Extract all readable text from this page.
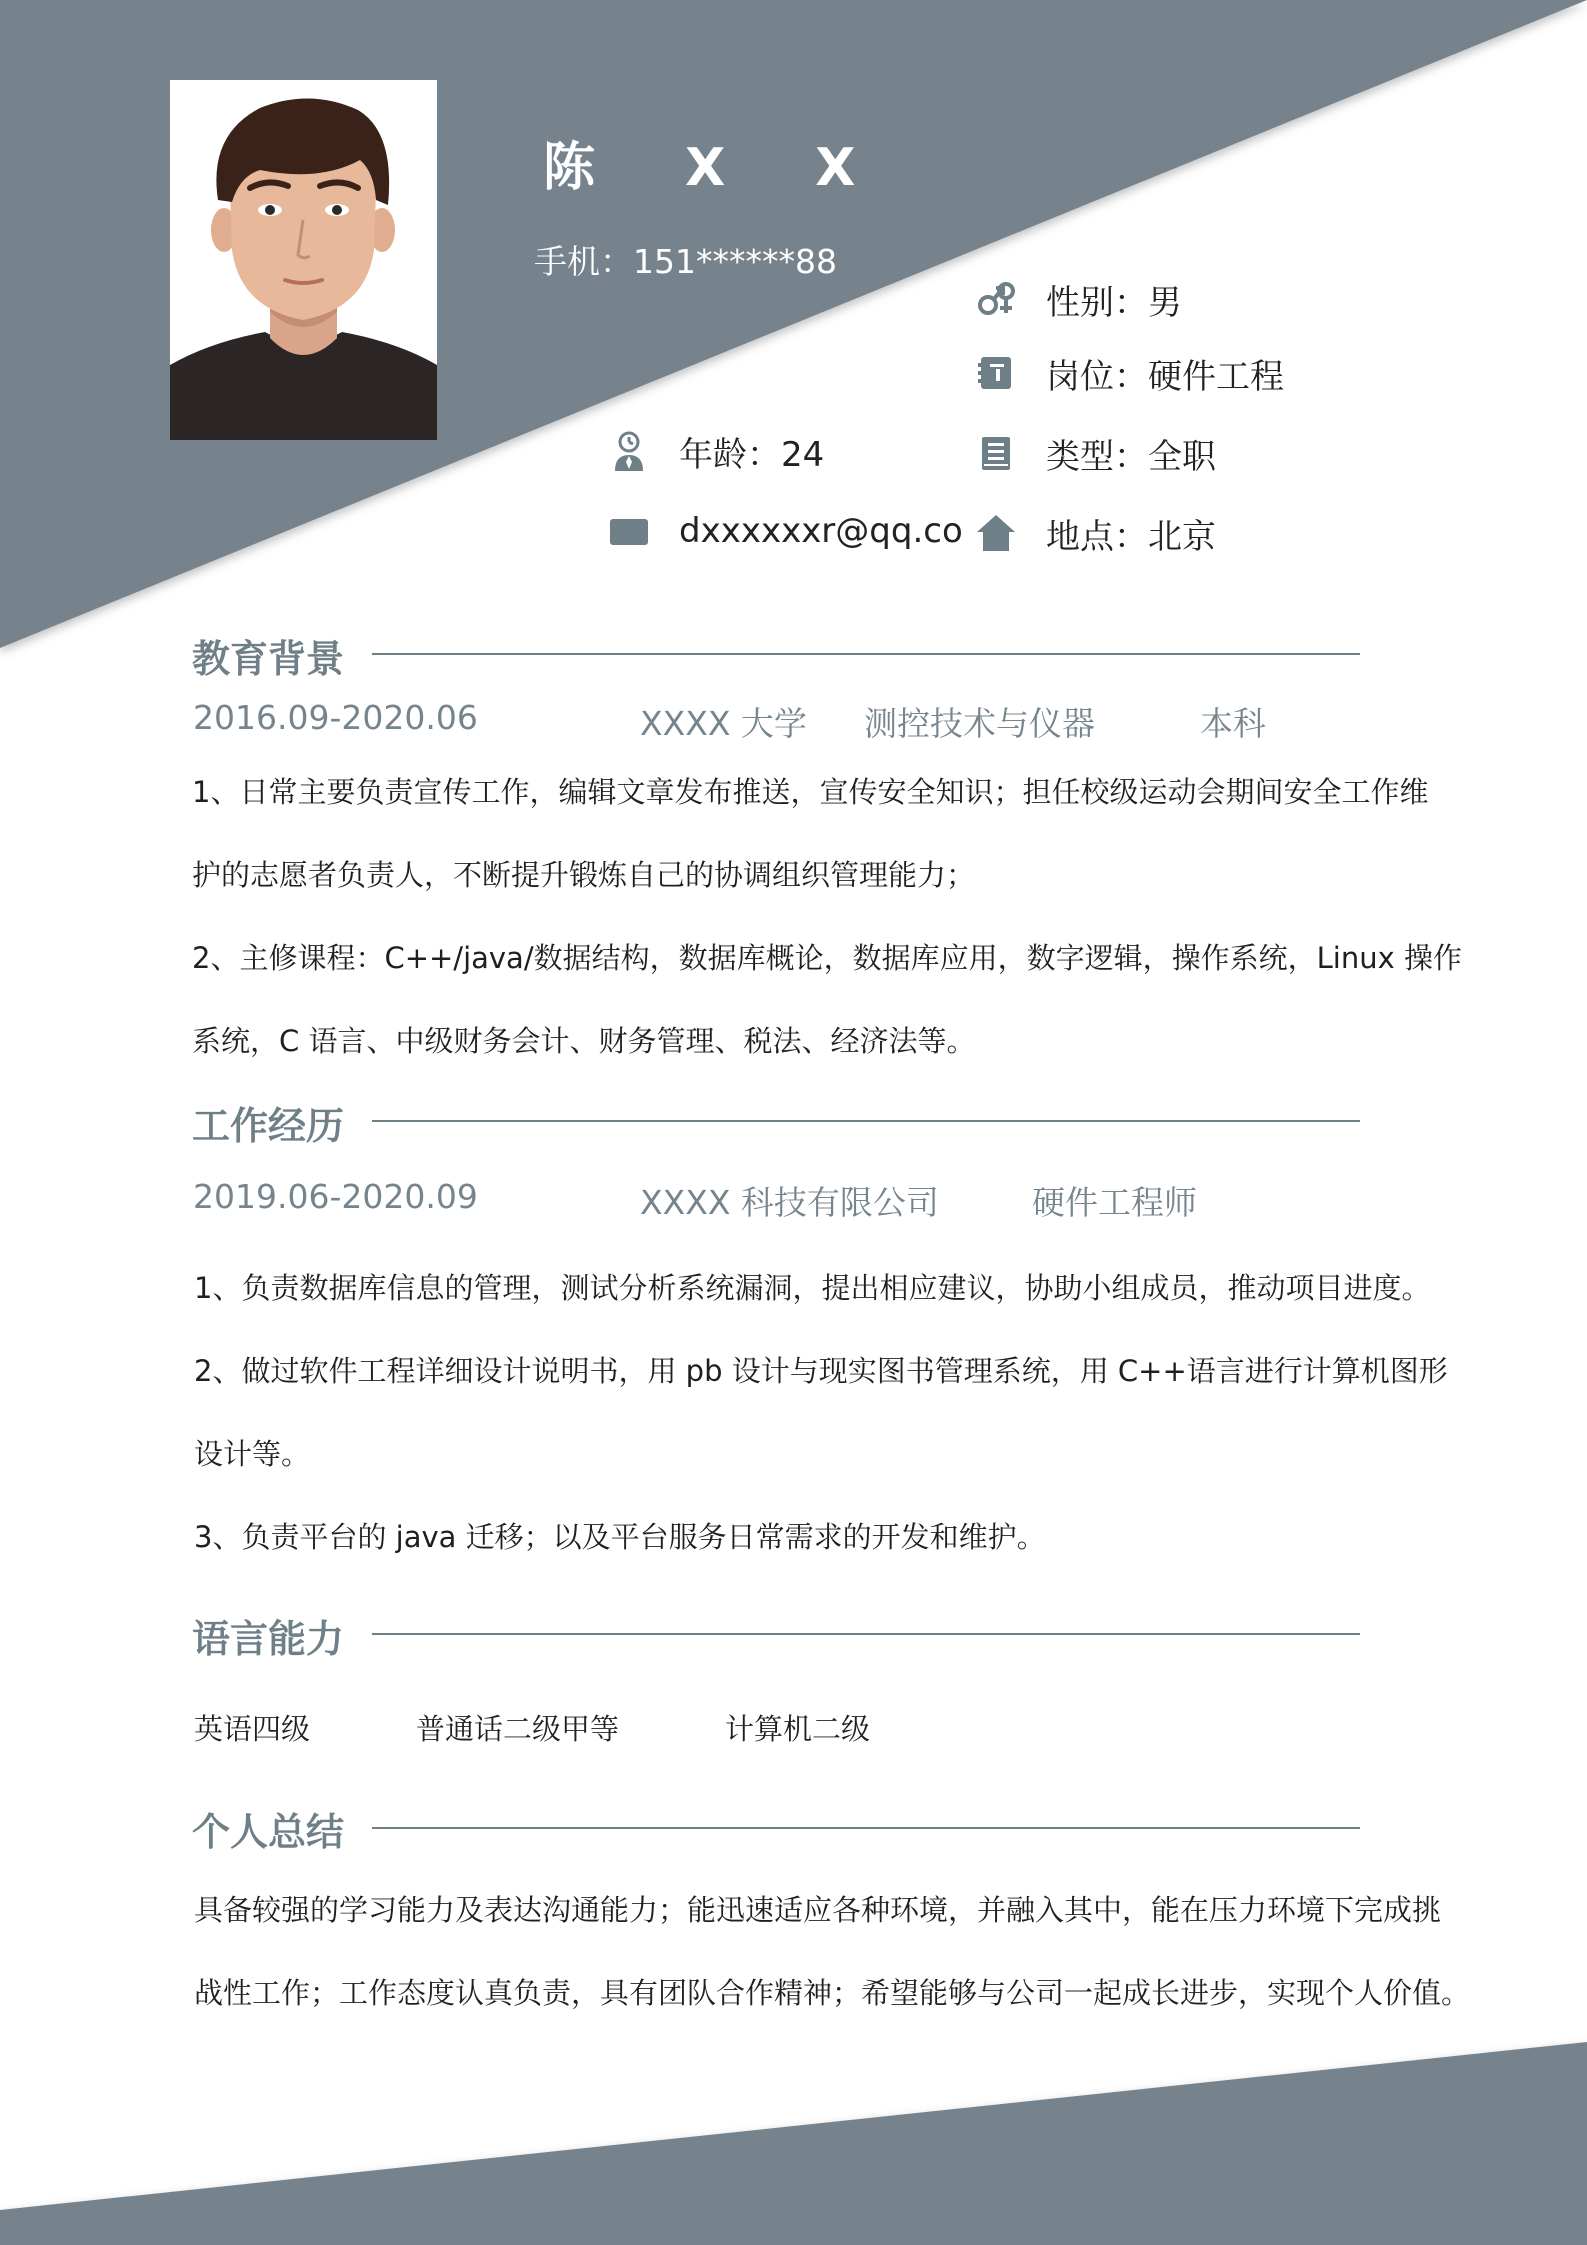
陈 X X
手机：151******88
性别：男
岗位：硬件工程
年龄：24	类型：全职
dxxxxxxr@qq.co 地点：北京
教育背景
2016.09-2020.06	XXXX 大学 测控技术与仪器	本科
1、日常主要负责宣传工作，编辑文章发布推送，宣传安全知识；担任校级运动会期间安全工作维
护的志愿者负责人，不断提升锻炼自己的协调组织管理能力；
2、主修课程：C++/java/数据结构，数据库概论，数据库应用，数字逻辑，操作系统，Linux 操作
系统，C 语言、中级财务会计、财务管理、税法、经济法等。
工作经历
2019.06-2020.09	XXXX 科技有限公司	硬件工程师
1、负责数据库信息的管理，测试分析系统漏洞，提出相应建议，协助小组成员，推动项目进度。
2、做过软件工程详细设计说明书，用 pb 设计与现实图书管理系统，用 C++语言进行计算机图形
设计等。
3、负责平台的 java 迁移；以及平台服务日常需求的开发和维护。
语言能力
英语四级	普通话二级甲等	计算机二级
个人总结
具备较强的学习能力及表达沟通能力；能迅速适应各种环境，并融入其中，能在压力环境下完成挑
战性工作；工作态度认真负责，具有团队合作精神；希望能够与公司一起成长进步，实现个人价值。
